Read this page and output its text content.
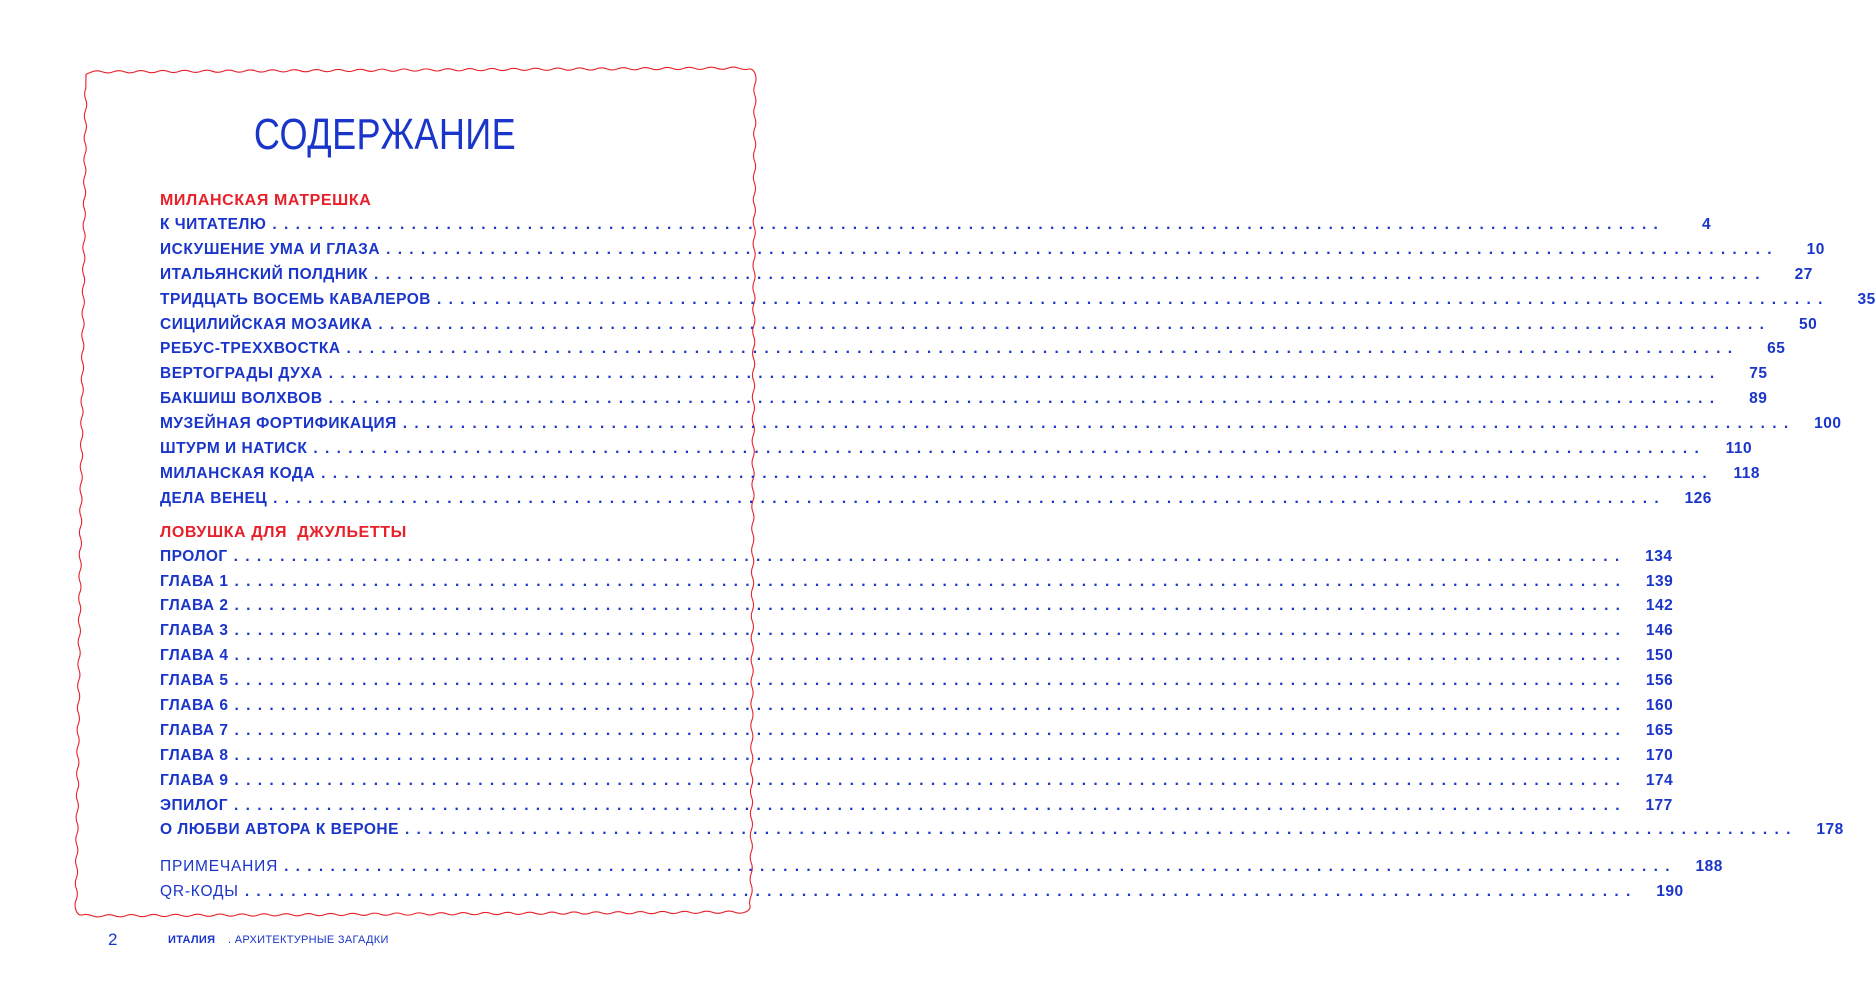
СОДЕРЖАНИЕ
МИЛАНСКАЯ МАТРЕШКА
К ЧИТАТЕЛЮ ........................................................................................................................	4
ИСКУШЕНИЕ УМА И ГЛАЗА ........................................................................................................................	10
ИТАЛЬЯНСКИЙ ПОЛДНИК ........................................................................................................................	27
ТРИДЦАТЬ ВОСЕМЬ КАВАЛЕРОВ ........................................................................................................................	35
СИЦИЛИЙСКАЯ МОЗАИКА ........................................................................................................................	50
РЕБУС-ТРЕХХВОСТКА ........................................................................................................................	65
ВЕРТОГРАДЫ ДУХА ........................................................................................................................	75
БАКШИШ ВОЛХВОВ ........................................................................................................................	89
МУЗЕЙНАЯ ФОРТИФИКАЦИЯ ........................................................................................................................	100
ШТУРМ И НАТИСК ........................................................................................................................	110
МИЛАНСКАЯ КОДА ........................................................................................................................	118
ДЕЛА ВЕНЕЦ ........................................................................................................................	126
ЛОВУШКА ДЛЯ  ДЖУЛЬЕТТЫ
ПРОЛОГ ........................................................................................................................	134
ГЛАВА 1 ........................................................................................................................	139
ГЛАВА 2 ........................................................................................................................	142
ГЛАВА 3 ........................................................................................................................	146
ГЛАВА 4 ........................................................................................................................	150
ГЛАВА 5 ........................................................................................................................	156
ГЛАВА 6 ........................................................................................................................	160
ГЛАВА 7 ........................................................................................................................	165
ГЛАВА 8 ........................................................................................................................	170
ГЛАВА 9 ........................................................................................................................	174
ЭПИЛОГ ........................................................................................................................	177
О ЛЮБВИ АВТОРА К ВЕРОНЕ ........................................................................................................................	178
ПРИМЕЧАНИЯ ........................................................................................................................	188
QR-КОДЫ ........................................................................................................................	190
2	ИТАЛИЯ . АРХИТЕКТУРНЫЕ ЗАГАДКИ
